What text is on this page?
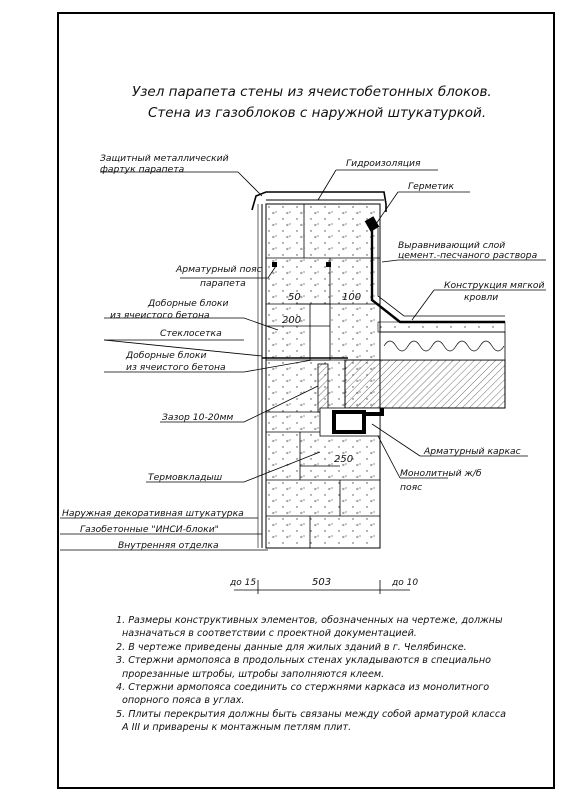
Узел парапета стены из ячеистобетонных блоков.
Стена из газоблоков с наружной штукатуркой.
50	100
200
250
503
до 15	до 10
Защитный металлический
фартук парапета
Гидроизоляция
Герметик
Выравнивающий слой
цемент.-песчаного раствора
Конструкция мягкой
кровли
Арматурный пояс
парапета
Доборные блоки
из ячеистого бетона
Стеклосетка
Доборные блоки
из ячеистого бетона
Зазор 10-20мм
Арматурный каркас
Монолитный ж/б
пояс
Термовкладыш
Наружная декоративная штукатурка
Газобетонные "ИНСИ-блоки"
Внутренняя отделка

1. Размеры конструктивных элементов, обозначенных на чертеже, должны

назначаться в соответствии с проектной документацией.

2. В чертеже приведены данные для жилых зданий в г. Челябинске.

3. Стержни армопояса в продольных стенах укладываются в специально

прорезанные штробы, штробы заполняются клеем.

4. Стержни армопояса соединить со стержнями каркаса из монолитного

опорного пояса в углах.

5. Плиты перекрытия должны быть связаны между собой арматурой класса

А III и приварены к монтажным петлям плит.
